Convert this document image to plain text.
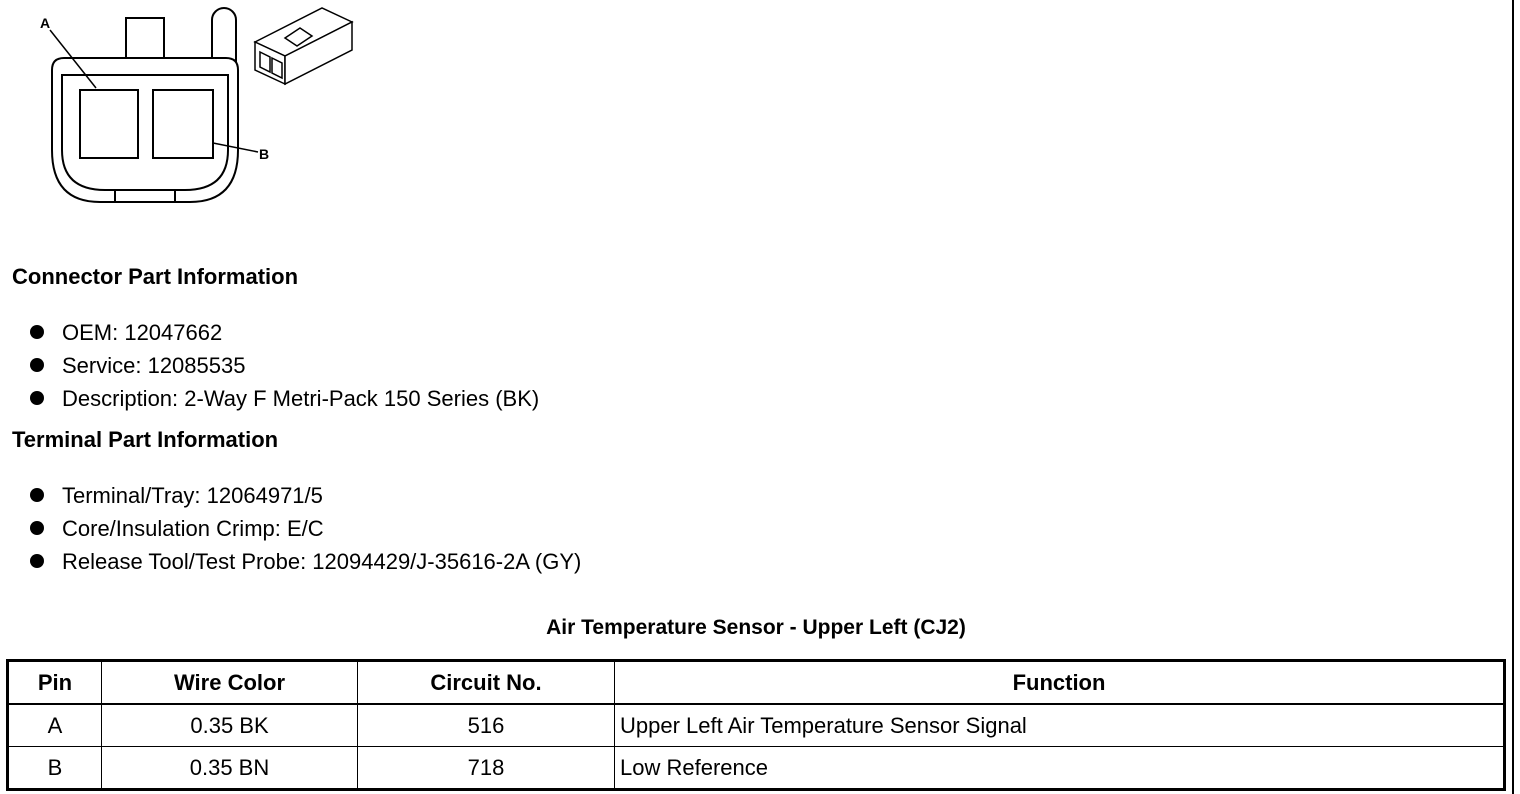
A
B
Connector Part Information
OEM: 12047662
Service: 12085535
Description: 2-Way F Metri-Pack 150 Series (BK)
Terminal Part Information
Terminal/Tray: 12064971/5
Core/Insulation Crimp: E/C
Release Tool/Test Probe: 12094429/J-35616-2A (GY)
Air Temperature Sensor - Upper Left (CJ2)
Pin	Wire Color	Circuit No.	Function
A	0.35 BK	516	Upper Left Air Temperature Sensor Signal
B	0.35 BN	718	Low Reference
